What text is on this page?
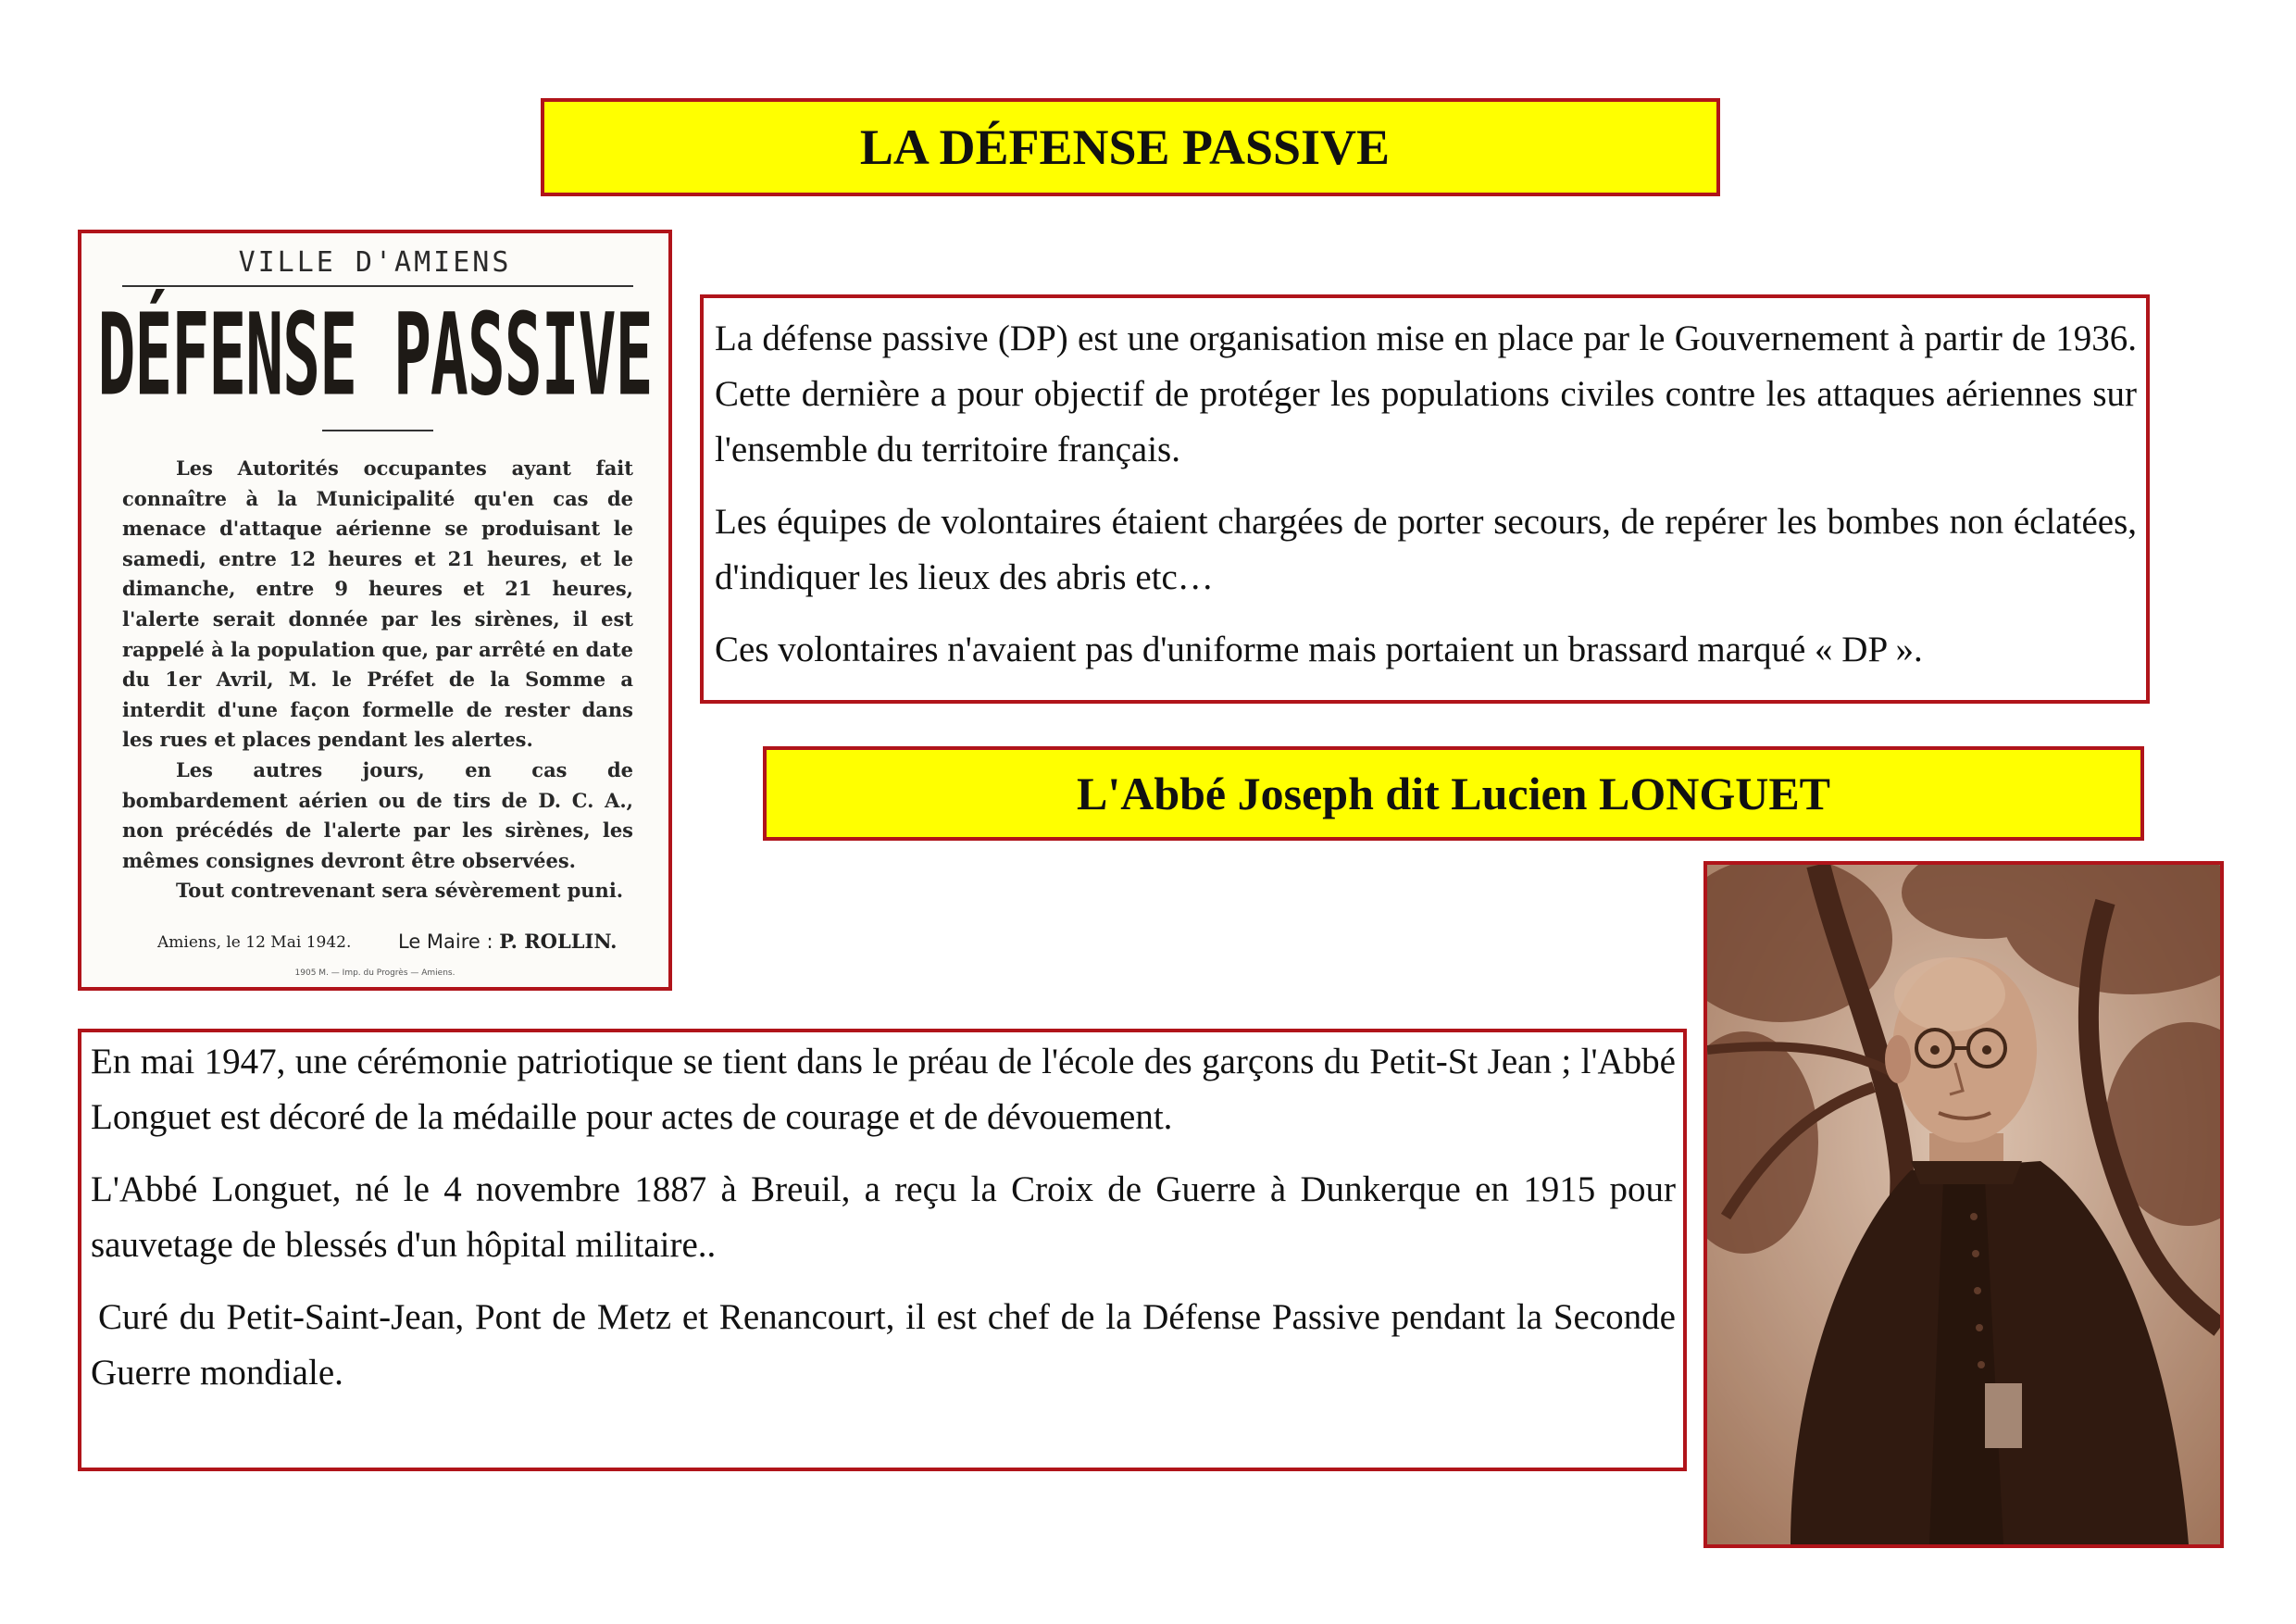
LA DÉFENSE PASSIVE
VILLE D'AMIENS
DÉFENSE PASSIVE

Les Autorités occupantes ayant fait connaître à la Municipalité qu'en cas de menace d'attaque aérienne se produisant le samedi, entre 12 heures et 21 heures, et le dimanche, entre 9 heures et 21 heures, l'alerte serait donnée par les sirènes, il est rappelé à la population que, par arrêté en date du 1er Avril, M. le Préfet de la Somme a interdit d'une façon formelle de rester dans les rues et places pendant les alertes.

Les autres jours, en cas de bombardement aérien ou de tirs de D. C. A., non précédés de l'alerte par les sirènes, les mêmes consignes devront être observées.

Tout contrevenant sera sévèrement puni.

Amiens, le 12 Mai 1942. Le Maire : P. ROLLIN.
1905 M. — Imp. du Progrès — Amiens.

La défense passive (DP) est une organisation mise en place par le Gouvernement à partir de 1936. Cette dernière a pour objectif de protéger les populations civiles contre les attaques aériennes sur l'ensemble du territoire français.

Les équipes de volontaires étaient chargées de porter secours, de repérer les bombes non éclatées, d'indiquer les lieux des abris etc…

Ces volontaires n'avaient pas d'uniforme mais portaient un brassard marqué « DP ».

L'Abbé Joseph dit Lucien LONGUET

En mai 1947, une cérémonie patriotique se tient dans le préau de l'école des garçons du Petit-St Jean ; l'Abbé Longuet est décoré de la médaille pour actes de courage et de dévouement.

L'Abbé Longuet, né le 4 novembre 1887 à Breuil, a reçu la Croix de Guerre à Dunkerque en 1915 pour sauvetage de blessés d'un hôpital militaire..

Curé du Petit-Saint-Jean, Pont de Metz et Renancourt, il est chef de la Défense Passive pendant la Seconde Guerre mondiale.
